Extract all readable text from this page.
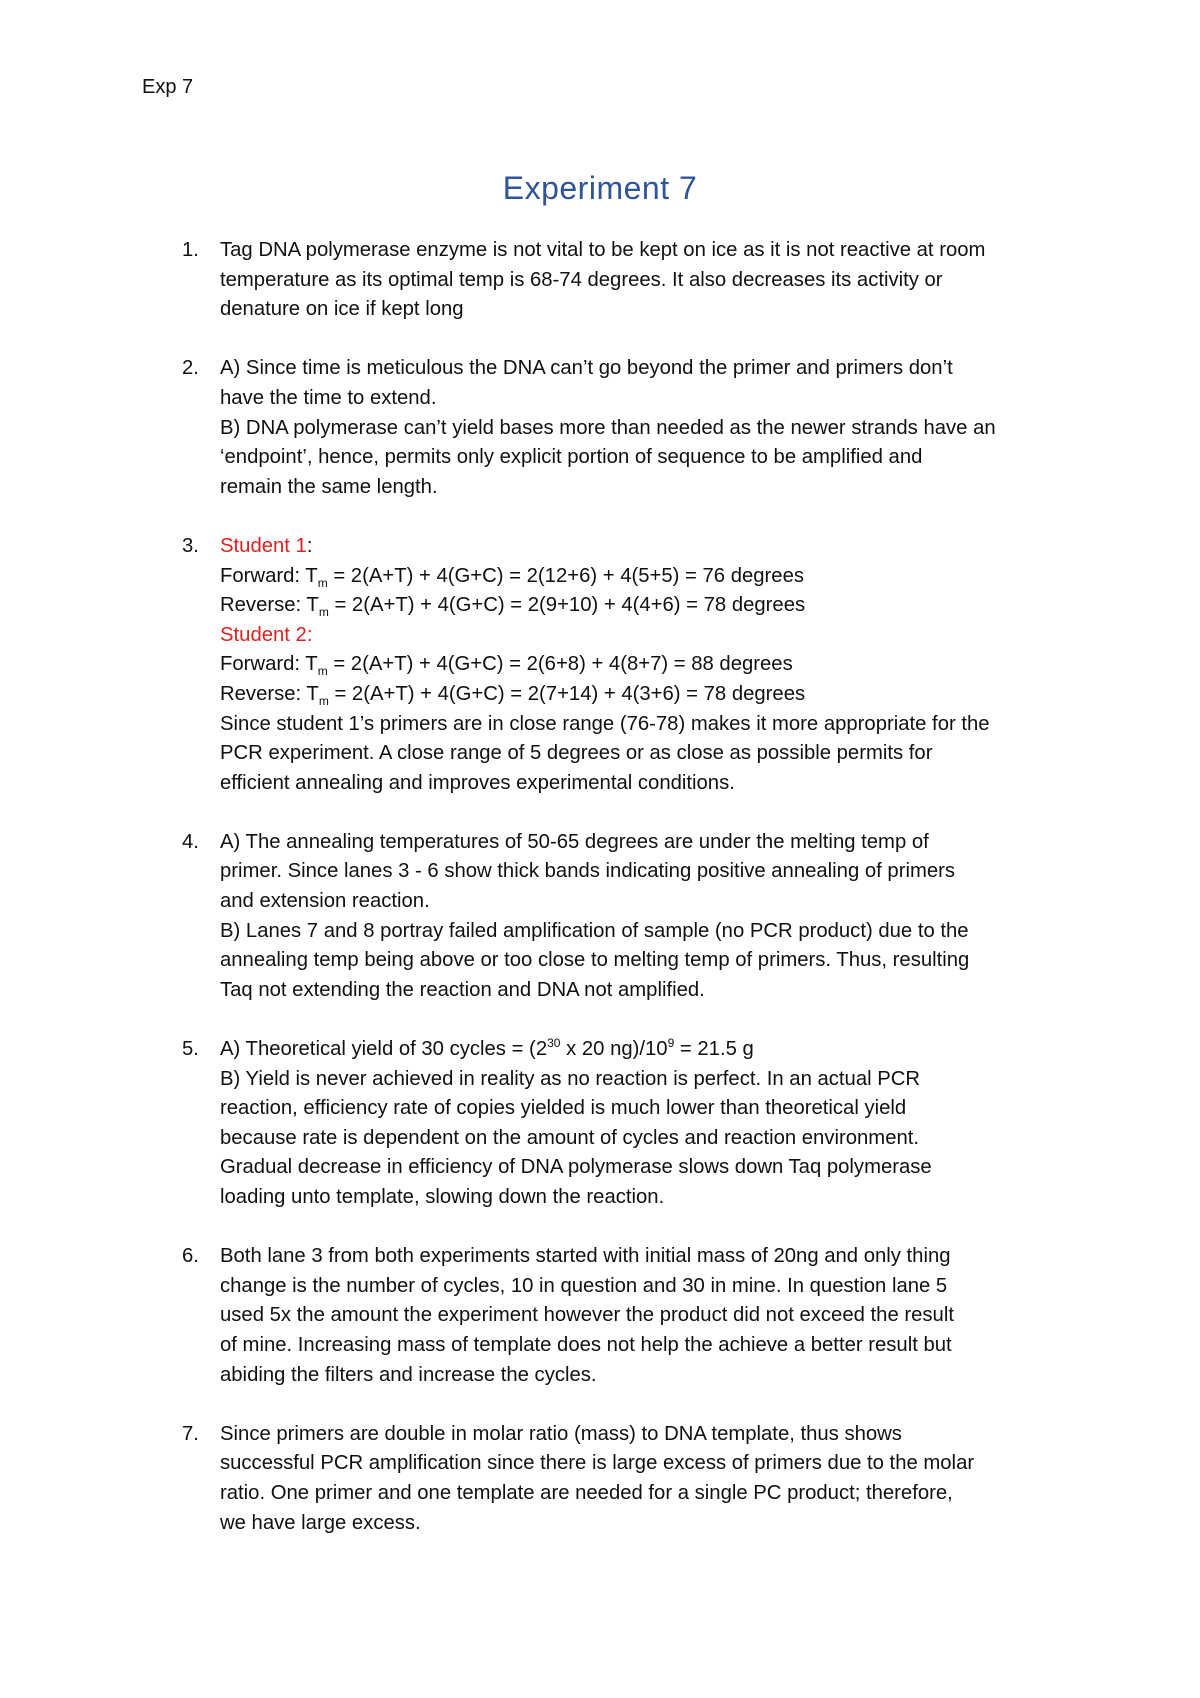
Exp 7
Experiment 7
1. Tag DNA polymerase enzyme is not vital to be kept on ice as it is not reactive at room
temperature as its optimal temp is 68-74 degrees. It also decreases its activity or
denature on ice if kept long
2. A) Since time is meticulous the DNA can’t go beyond the primer and primers don’t
have the time to extend.
B) DNA polymerase can’t yield bases more than needed as the newer strands have an
‘endpoint’, hence, permits only explicit portion of sequence to be amplified and
remain the same length.
3. Student 1:
Forward: $T_m = 2(A+T) + 4(G+C) = 2(12+6) + 4(5+5) = 76$ degrees
Reverse: $T_m = 2(A+T) + 4(G+C) = 2(9+10) + 4(4+6) = 78$ degrees
Student 2:
Forward: $T_m = 2(A+T) + 4(G+C) = 2(6+8) + 4(8+7) = 88$ degrees
Reverse: $T_m = 2(A+T) + 4(G+C) = 2(7+14) + 4(3+6) = 78$ degrees
Since student 1’s primers are in close range (76-78) makes it more appropriate for the
PCR experiment. A close range of 5 degrees or as close as possible permits for
efficient annealing and improves experimental conditions.
4. A) The annealing temperatures of 50-65 degrees are under the melting temp of
primer. Since lanes 3 - 6 show thick bands indicating positive annealing of primers
and extension reaction.
B) Lanes 7 and 8 portray failed amplification of sample (no PCR product) due to the
annealing temp being above or too close to melting temp of primers. Thus, resulting
Taq not extending the reaction and DNA not amplified.
5. A) Theoretical yield of 30 cycles = ($2^{30}$ x 20 $ng)/10^9 = 21.5$ g
B) Yield is never achieved in reality as no reaction is perfect. In an actual PCR
reaction, efficiency rate of copies yielded is much lower than theoretical yield
because rate is dependent on the amount of cycles and reaction environment.
Gradual decrease in efficiency of DNA polymerase slows down Taq polymerase
loading unto template, slowing down the reaction.
6. Both lane 3 from both experiments started with initial mass of 20ng and only thing
change is the number of cycles, 10 in question and 30 in mine. In question lane 5
used 5x the amount the experiment however the product did not exceed the result
of mine. Increasing mass of template does not help the achieve a better result but
abiding the filters and increase the cycles.
7. Since primers are double in molar ratio (mass) to DNA template, thus shows
successful PCR amplification since there is large excess of primers due to the molar
ratio. One primer and one template are needed for a single PC product; therefore,
we have large excess.
